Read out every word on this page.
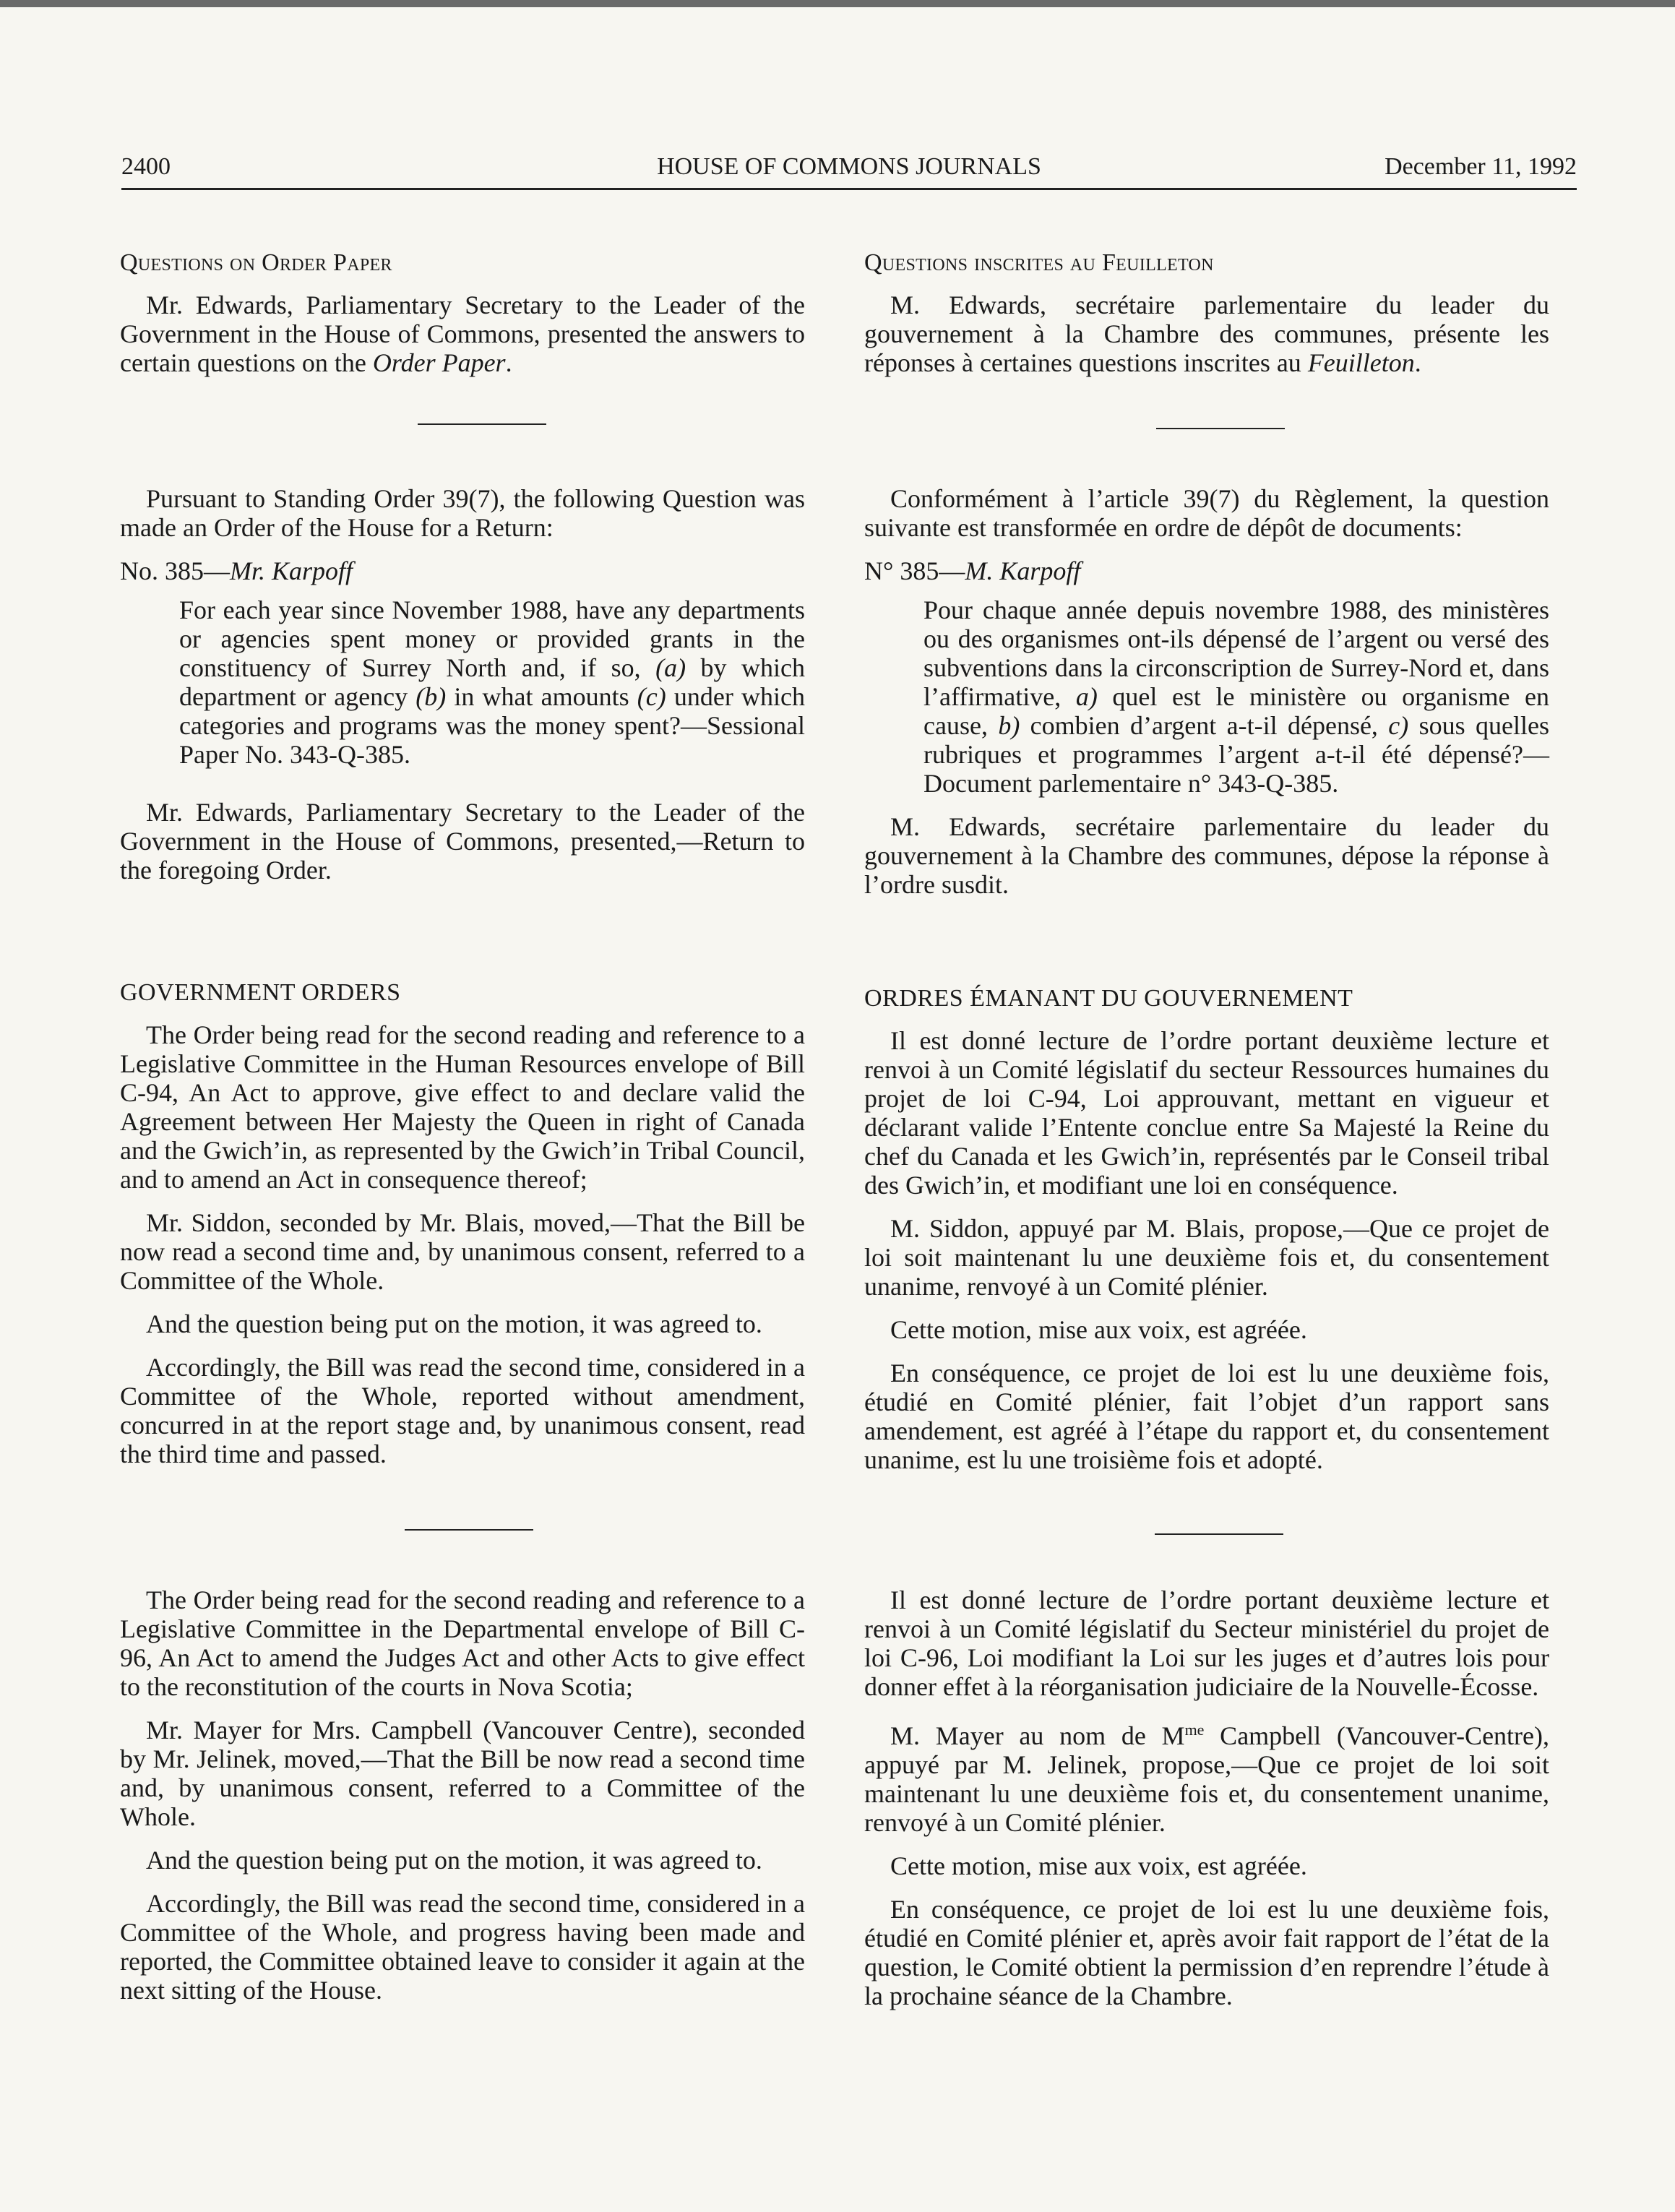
2400	HOUSE OF COMMONS JOURNALS	December 11, 1992
Questions on Order Paper

Mr. Edwards, Parliamentary Secretary to the Leader of the Government in the House of Commons, presented the answers to certain questions on the Order Paper.

Pursuant to Standing Order 39(7), the following Question was made an Order of the House for a Return:

No. 385—Mr. Karpoff

For each year since November 1988, have any departments or agencies spent money or provided grants in the constituency of Surrey North and, if so, (a) by which department or agency (b) in what amounts (c) under which categories and programs was the money spent?—Sessional Paper No. 343-Q-385.

Mr. Edwards, Parliamentary Secretary to the Leader of the Government in the House of Commons, presented,—Return to the foregoing Order.

GOVERNMENT ORDERS

The Order being read for the second reading and reference to a Legislative Committee in the Human Resources envelope of Bill C-94, An Act to approve, give effect to and declare valid the Agreement between Her Majesty the Queen in right of Canada and the Gwich’in, as represented by the Gwich’in Tribal Council, and to amend an Act in consequence thereof;

Mr. Siddon, seconded by Mr. Blais, moved,—That the Bill be now read a second time and, by unanimous consent, referred to a Committee of the Whole.

And the question being put on the motion, it was agreed to.

Accordingly, the Bill was read the second time, considered in a Committee of the Whole, reported without amendment, concurred in at the report stage and, by unanimous consent, read the third time and passed.

The Order being read for the second reading and reference to a Legislative Committee in the Departmental envelope of Bill C-96, An Act to amend the Judges Act and other Acts to give effect to the reconstitution of the courts in Nova Scotia;

Mr. Mayer for Mrs. Campbell (Vancouver Centre), seconded by Mr. Jelinek, moved,—That the Bill be now read a second time and, by unanimous consent, referred to a Committee of the Whole.

And the question being put on the motion, it was agreed to.

Accordingly, the Bill was read the second time, considered in a Committee of the Whole, and progress having been made and reported, the Committee obtained leave to consider it again at the next sitting of the House.

Questions inscrites au Feuilleton

M. Edwards, secrétaire parlementaire du leader du gouvernement à la Chambre des communes, présente les réponses à certaines questions inscrites au Feuilleton.

Conformément à l’article 39(7) du Règlement, la question suivante est transformée en ordre de dépôt de documents:

N° 385—M. Karpoff

Pour chaque année depuis novembre 1988, des ministères ou des organismes ont-ils dépensé de l’argent ou versé des subventions dans la circonscription de Surrey-Nord et, dans l’affirmative, a) quel est le ministère ou organisme en cause, b) combien d’argent a-t-il dépensé, c) sous quelles rubriques et programmes l’argent a-t-il été dépensé?—Document parlementaire n° 343-Q-385.

M. Edwards, secrétaire parlementaire du leader du gouvernement à la Chambre des communes, dépose la réponse à l’ordre susdit.

ORDRES ÉMANANT DU GOUVERNEMENT

Il est donné lecture de l’ordre portant deuxième lecture et renvoi à un Comité législatif du secteur Ressources humaines du projet de loi C-94, Loi approuvant, mettant en vigueur et déclarant valide l’Entente conclue entre Sa Majesté la Reine du chef du Canada et les Gwich’in, représentés par le Conseil tribal des Gwich’in, et modifiant une loi en conséquence.

M. Siddon, appuyé par M. Blais, propose,—Que ce projet de loi soit maintenant lu une deuxième fois et, du consentement unanime, renvoyé à un Comité plénier.

Cette motion, mise aux voix, est agréée.

En conséquence, ce projet de loi est lu une deuxième fois, étudié en Comité plénier, fait l’objet d’un rapport sans amendement, est agréé à l’étape du rapport et, du consentement unanime, est lu une troisième fois et adopté.

Il est donné lecture de l’ordre portant deuxième lecture et renvoi à un Comité législatif du Secteur ministériel du projet de loi C-96, Loi modifiant la Loi sur les juges et d’autres lois pour donner effet à la réorganisation judiciaire de la Nouvelle-Écosse.

M. Mayer au nom de $M^{me}$ Campbell (Vancouver-Centre), appuyé par M. Jelinek, propose,—Que ce projet de loi soit maintenant lu une deuxième fois et, du consentement unanime, renvoyé à un Comité plénier.

Cette motion, mise aux voix, est agréée.

En conséquence, ce projet de loi est lu une deuxième fois, étudié en Comité plénier et, après avoir fait rapport de l’état de la question, le Comité obtient la permission d’en reprendre l’étude à la prochaine séance de la Chambre.
